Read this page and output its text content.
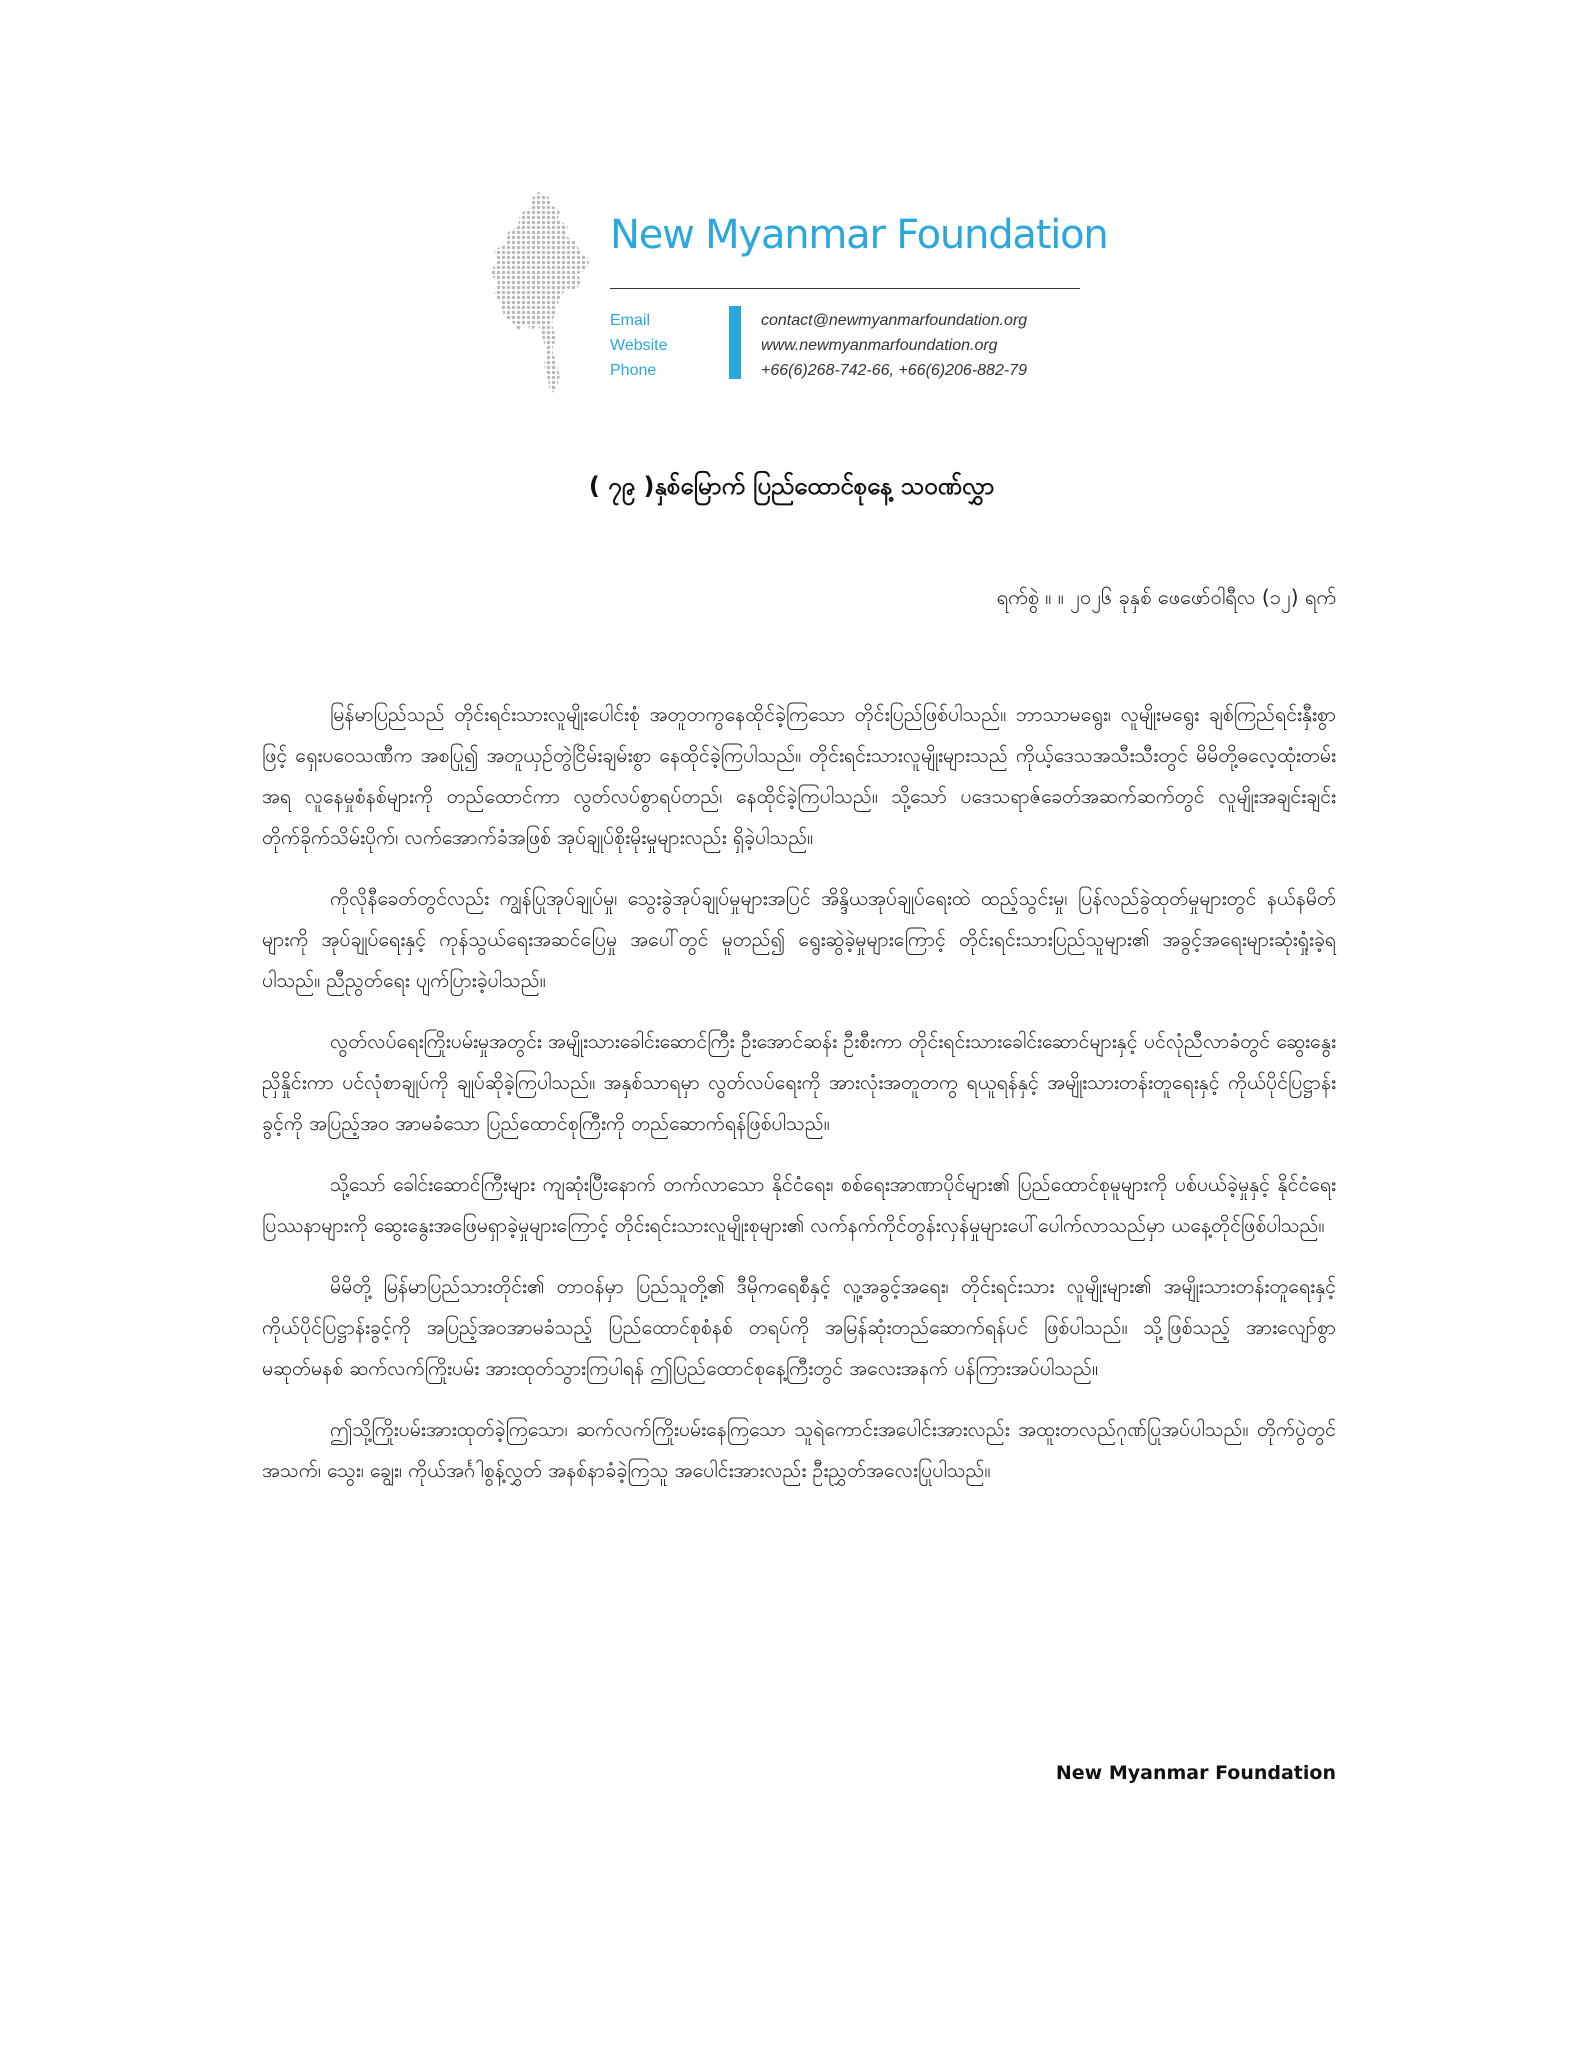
New Myanmar Foundation
Email
Website
Phone
contact@newmyanmarfoundation.org
www.newmyanmarfoundation.org
+66(6)268-742-66, +66(6)206-882-79
( ၇၉ )နှစ်မြောက် ပြည်ထောင်စုနေ့ သဝဏ်လွှာ
ရက်စွဲ ။ ။ ၂၀၂၆ ခုနှစ် ဖေဖော်ဝါရီလ (၁၂) ရက်

မြန်မာပြည်သည် တိုင်းရင်းသားလူမျိုးပေါင်းစုံ အတူတကွနေထိုင်ခဲ့ကြသော တိုင်းပြည်ဖြစ်ပါသည်။ ဘာသာမရွေး၊ လူမျိုးမရွေး ချစ်ကြည်ရင်းနှီးစွာဖြင့် ရှေးပဝေသဏီက အစပြု၍ အတူယှဉ်တွဲငြိမ်းချမ်းစွာ နေထိုင်ခဲ့ကြပါသည်။ တိုင်းရင်းသားလူမျိုးများသည် ကိုယ့်ဒေသအသီးသီးတွင် မိမိတို့ဓလေ့ထုံးတမ်းအရ လူနေမှုစံနစ်များကို တည်ထောင်ကာ လွတ်လပ်စွာရပ်တည်၊ နေထိုင်ခဲ့ကြပါသည်။ သို့သော် ပဒေသရာဇ်ခေတ်အဆက်ဆက်တွင် လူမျိုးအချင်းချင်း တိုက်ခိုက်သိမ်းပိုက်၊ လက်အောက်ခံအဖြစ် အုပ်ချုပ်စိုးမိုးမှုများလည်း ရှိခဲ့ပါသည်။

ကိုလိုနီခေတ်တွင်လည်း ကျွန်ပြုအုပ်ချုပ်မှု၊ သွေးခွဲအုပ်ချုပ်မှုများအပြင် အိန္ဒိယအုပ်ချုပ်ရေးထဲ ထည့်သွင်းမှု၊ ပြန်လည်ခွဲထုတ်မှုများတွင် နယ်နမိတ်များကို အုပ်ချုပ်ရေးနှင့် ကုန်သွယ်ရေးအဆင်ပြေမှု အပေါ်တွင် မူတည်၍ ရွေးဆွဲခဲ့မှုများကြောင့် တိုင်းရင်းသားပြည်သူများ၏ အခွင့်အရေးများဆုံးရှုံးခဲ့ရပါသည်။ ညီညွတ်ရေး ပျက်ပြားခဲ့ပါသည်။

လွတ်လပ်ရေးကြိုးပမ်းမှုအတွင်း အမျိုးသားခေါင်းဆောင်ကြီး ဦးအောင်ဆန်း ဦးစီးကာ တိုင်းရင်းသားခေါင်းဆောင်များနှင့် ပင်လုံညီလာခံတွင် ဆွေးနွေးညှိနှိုင်းကာ ပင်လုံစာချုပ်ကို ချုပ်ဆိုခဲ့ကြပါသည်။ အနှစ်သာရမှာ လွတ်လပ်ရေးကို အားလုံးအတူတကွ ရယူရန်နှင့် အမျိုးသားတန်းတူရေးနှင့် ကိုယ်ပိုင်ပြဋ္ဌာန်းခွင့်ကို အပြည့်အဝ အာမခံသော ပြည်ထောင်စုကြီးကို တည်ဆောက်ရန်ဖြစ်ပါသည်။

သို့သော် ခေါင်းဆောင်ကြီးများ ကျဆုံးပြီးနောက် တက်လာသော နိုင်ငံရေး၊ စစ်ရေးအာဏာပိုင်များ၏ ပြည်ထောင်စုမူများကို ပစ်ပယ်ခဲ့မှုနှင့် နိုင်ငံရေးပြဿနာများကို ဆွေးနွေးအဖြေမရှာခဲ့မှုများကြောင့် တိုင်းရင်းသားလူမျိုးစုများ၏ လက်နက်ကိုင်တွန်းလှန်မှုများပေါ်ပေါက်လာသည်မှာ ယနေ့တိုင်ဖြစ်ပါသည်။

မိမိတို့ မြန်မာပြည်သားတိုင်း၏ တာဝန်မှာ ပြည်သူတို့၏ ဒီမိုကရေစီနှင့် လူ့အခွင့်အရေး၊ တိုင်းရင်းသား လူမျိုးများ၏ အမျိုးသားတန်းတူရေးနှင့် ကိုယ်ပိုင်ပြဋ္ဌာန်းခွင့်ကို အပြည့်အဝအာမခံသည့် ပြည်ထောင်စုစံနစ် တရပ်ကို အမြန်ဆုံးတည်ဆောက်ရန်ပင် ဖြစ်ပါသည်။ သို့ဖြစ်သည့် အားလျော်စွာ မဆုတ်မနစ် ဆက်လက်ကြိုးပမ်း အားထုတ်သွားကြပါရန် ဤပြည်ထောင်စုနေ့ကြီးတွင် အလေးအနက် ပန်ကြားအပ်ပါသည်။

ဤသို့ကြိုးပမ်းအားထုတ်ခဲ့ကြသော၊ ဆက်လက်ကြိုးပမ်းနေကြသော သူရဲကောင်းအပေါင်းအားလည်း အထူးတလည်ဂုဏ်ပြုအပ်ပါသည်။ တိုက်ပွဲတွင် အသက်၊ သွေး၊ ချွေး၊ ကိုယ်အင်္ဂါစွန့်လွှတ် အနစ်နာခံခဲ့ကြသူ အပေါင်းအားလည်း ဦးညွှတ်အလေးပြုပါသည်။

New Myanmar Foundation
